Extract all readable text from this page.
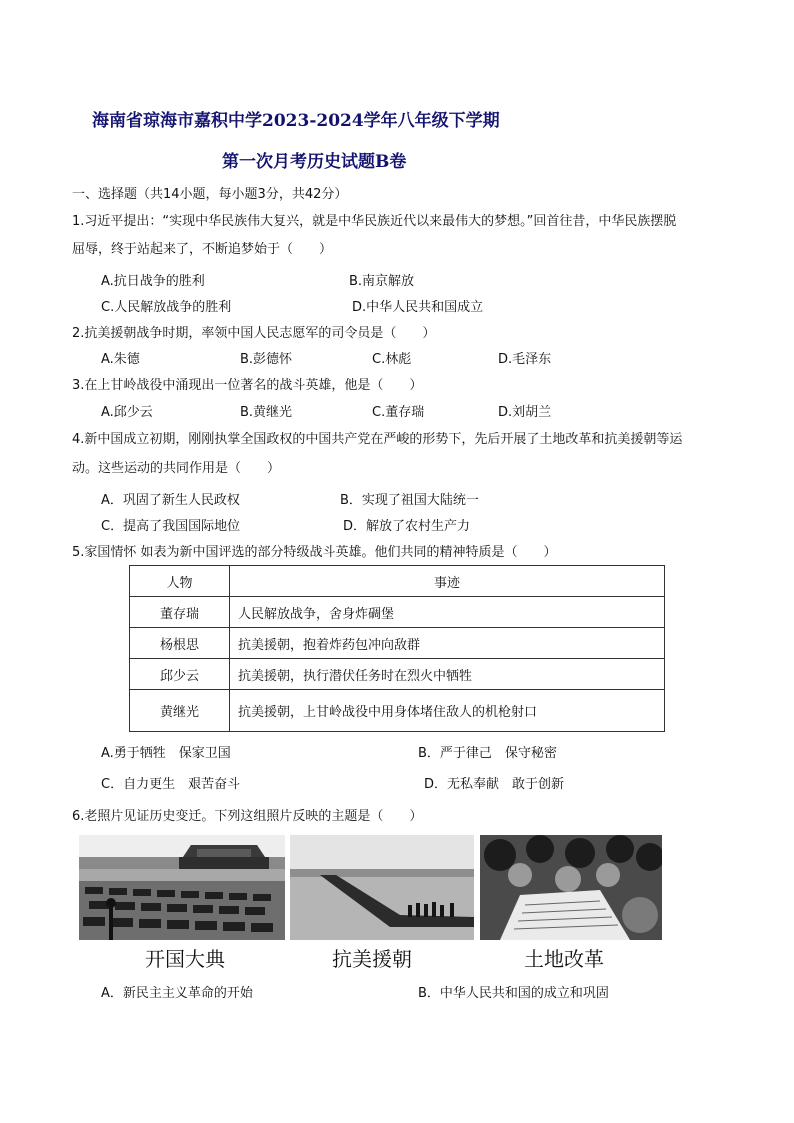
海南省琼海市嘉积中学2023-2024学年八年级下学期
第一次月考历史试题B卷
一、选择题（共14小题，每小题3分，共42分）
1.习近平提出：“实现中华民族伟大复兴，就是中华民族近代以来最伟大的梦想。”回首往昔，中华民族摆脱
屈辱，终于站起来了，不断追梦始于（　　）
A.抗日战争的胜利	B.南京解放
C.人民解放战争的胜利	D.中华人民共和国成立
2.抗美援朝战争时期，率领中国人民志愿军的司令员是（　　）
A.朱德	B.彭德怀	C.林彪	D.毛泽东
3.在上甘岭战役中涌现出一位著名的战斗英雄，他是（　　）
A.邱少云	B.黄继光	C.董存瑞	D.刘胡兰
4.新中国成立初期，刚刚执掌全国政权的中国共产党在严峻的形势下，先后开展了土地改革和抗美援朝等运
动。这些运动的共同作用是（　　）
A．巩固了新生人民政权	B．实现了祖国大陆统一
C．提高了我国国际地位	D．解放了农村生产力
5.家国情怀 如表为新中国评选的部分特级战斗英雄。他们共同的精神特质是（　　）
人物	事迹
董存瑞	人民解放战争，舍身炸碉堡
杨根思	抗美援朝，抱着炸药包冲向敌群
邱少云	抗美援朝，执行潜伏任务时在烈火中牺牲
黄继光	抗美援朝，上甘岭战役中用身体堵住敌人的机枪射口
A.勇于牺牲　保家卫国	B．严于律己　保守秘密
C．自力更生　艰苦奋斗	D．无私奉献　敢于创新
6.老照片见证历史变迁。下列这组照片反映的主题是（　　）
开国大典	抗美援朝	土地改革
A．新民主主义革命的开始	B．中华人民共和国的成立和巩固
